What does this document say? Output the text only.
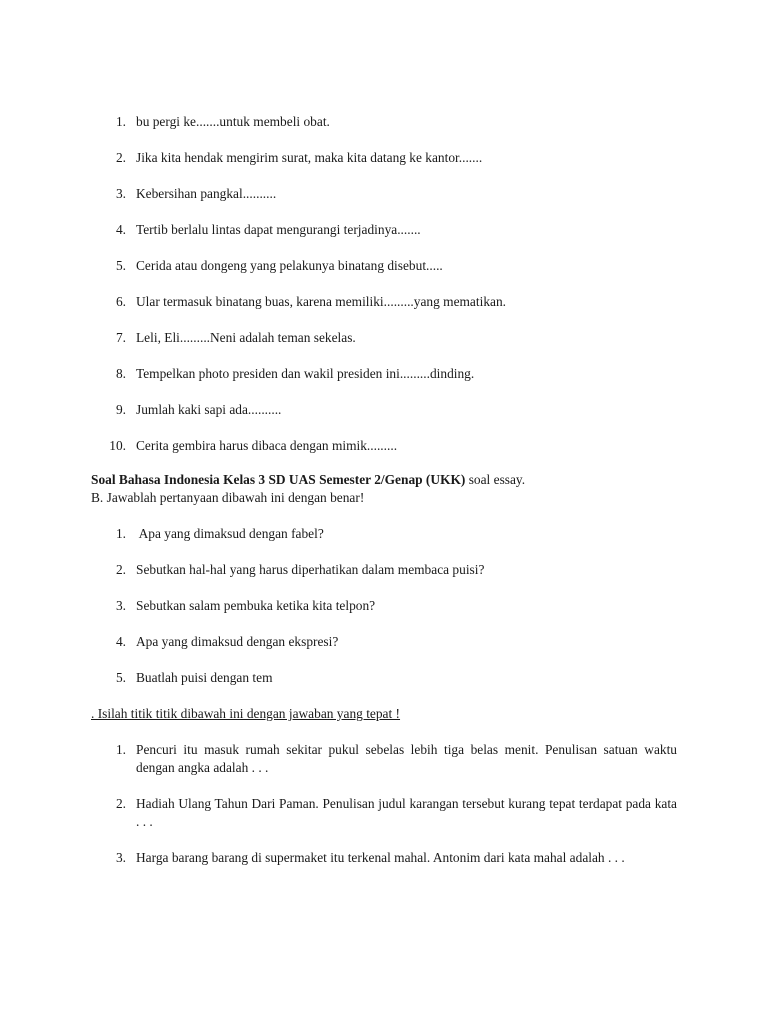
1. bu pergi ke.......untuk membeli obat.
2. Jika kita hendak mengirim surat, maka kita datang ke kantor.......
3. Kebersihan pangkal..........
4. Tertib berlalu lintas dapat mengurangi terjadinya.......
5. Cerida atau dongeng yang pelakunya binatang disebut.....
6. Ular termasuk binatang buas, karena memiliki.........yang mematikan.
7. Leli, Eli.........Neni adalah teman sekelas.
8. Tempelkan photo presiden dan wakil presiden ini.........dinding.
9. Jumlah kaki sapi ada..........
10. Cerita gembira harus dibaca dengan mimik.........
Soal Bahasa Indonesia Kelas 3 SD UAS Semester 2/Genap (UKK) soal essay.
B. Jawablah pertanyaan dibawah ini dengan benar!
1. Apa yang dimaksud dengan fabel?
2. Sebutkan hal-hal yang harus diperhatikan dalam membaca puisi?
3. Sebutkan salam pembuka ketika kita telpon?
4. Apa yang dimaksud dengan ekspresi?
5. Buatlah puisi dengan tem
. Isilah titik titik dibawah ini dengan jawaban yang tepat !
1. Pencuri itu masuk rumah sekitar pukul sebelas lebih tiga belas menit. Penulisan satuan waktu dengan angka adalah . . .
2. Hadiah Ulang Tahun Dari Paman. Penulisan judul karangan tersebut kurang tepat terdapat pada kata . . .
3. Harga barang barang di supermaket itu terkenal mahal. Antonim dari kata mahal adalah . . .
